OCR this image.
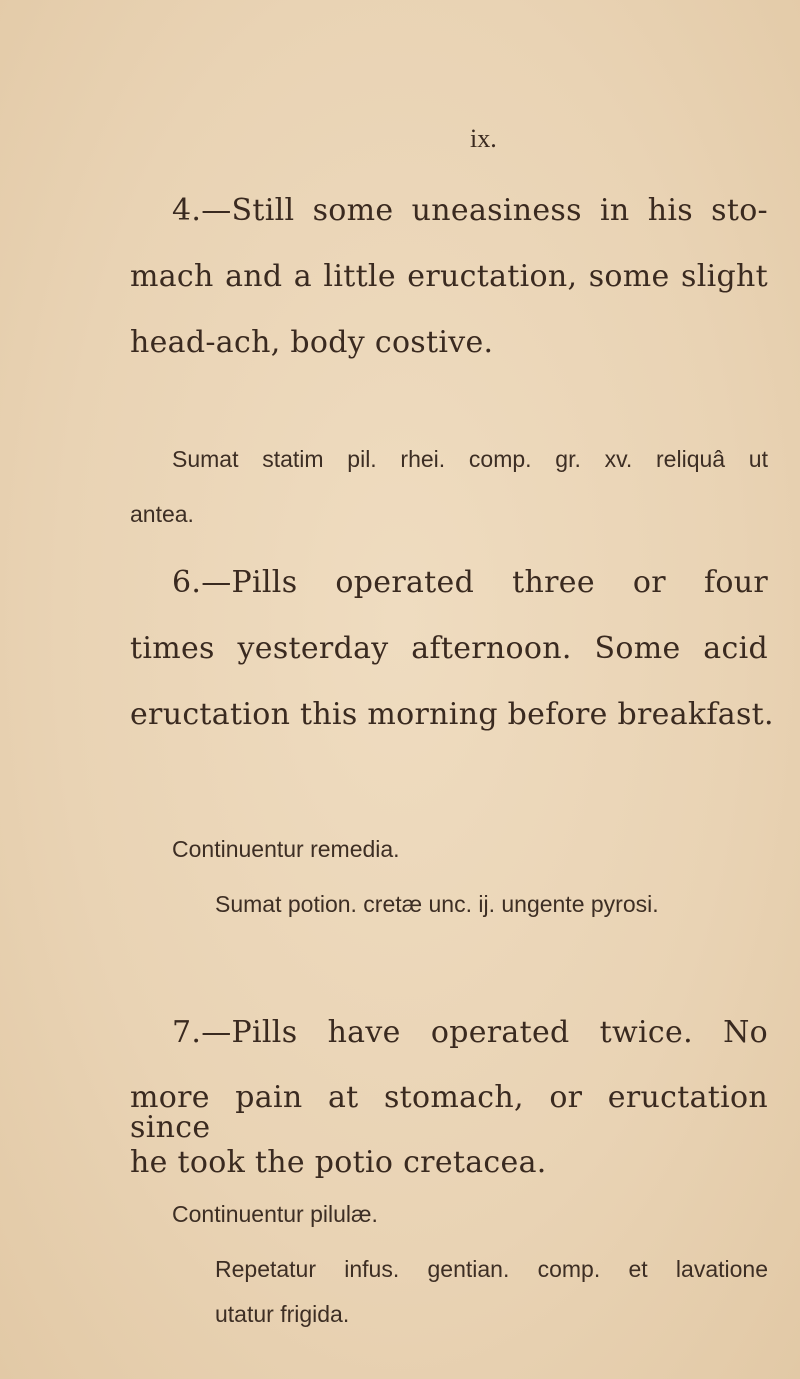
ix.
4.—Still some uneasiness in his sto-
mach and a little eructation, some slight
head-ach, body costive.
Sumat statim pil. rhei. comp. gr. xv. reliquâ ut
antea.
6.—Pills operated three or four
times yesterday afternoon. Some acid
eructation this morning before breakfast.
Continuentur remedia.
Sumat potion. cretæ unc. ij. ungente pyrosi.
7.—Pills have operated twice. No
more pain at stomach, or eructation since
he took the potio cretacea.
Continuentur pilulæ.
Repetatur infus. gentian. comp. et lavatione
utatur frigida.
